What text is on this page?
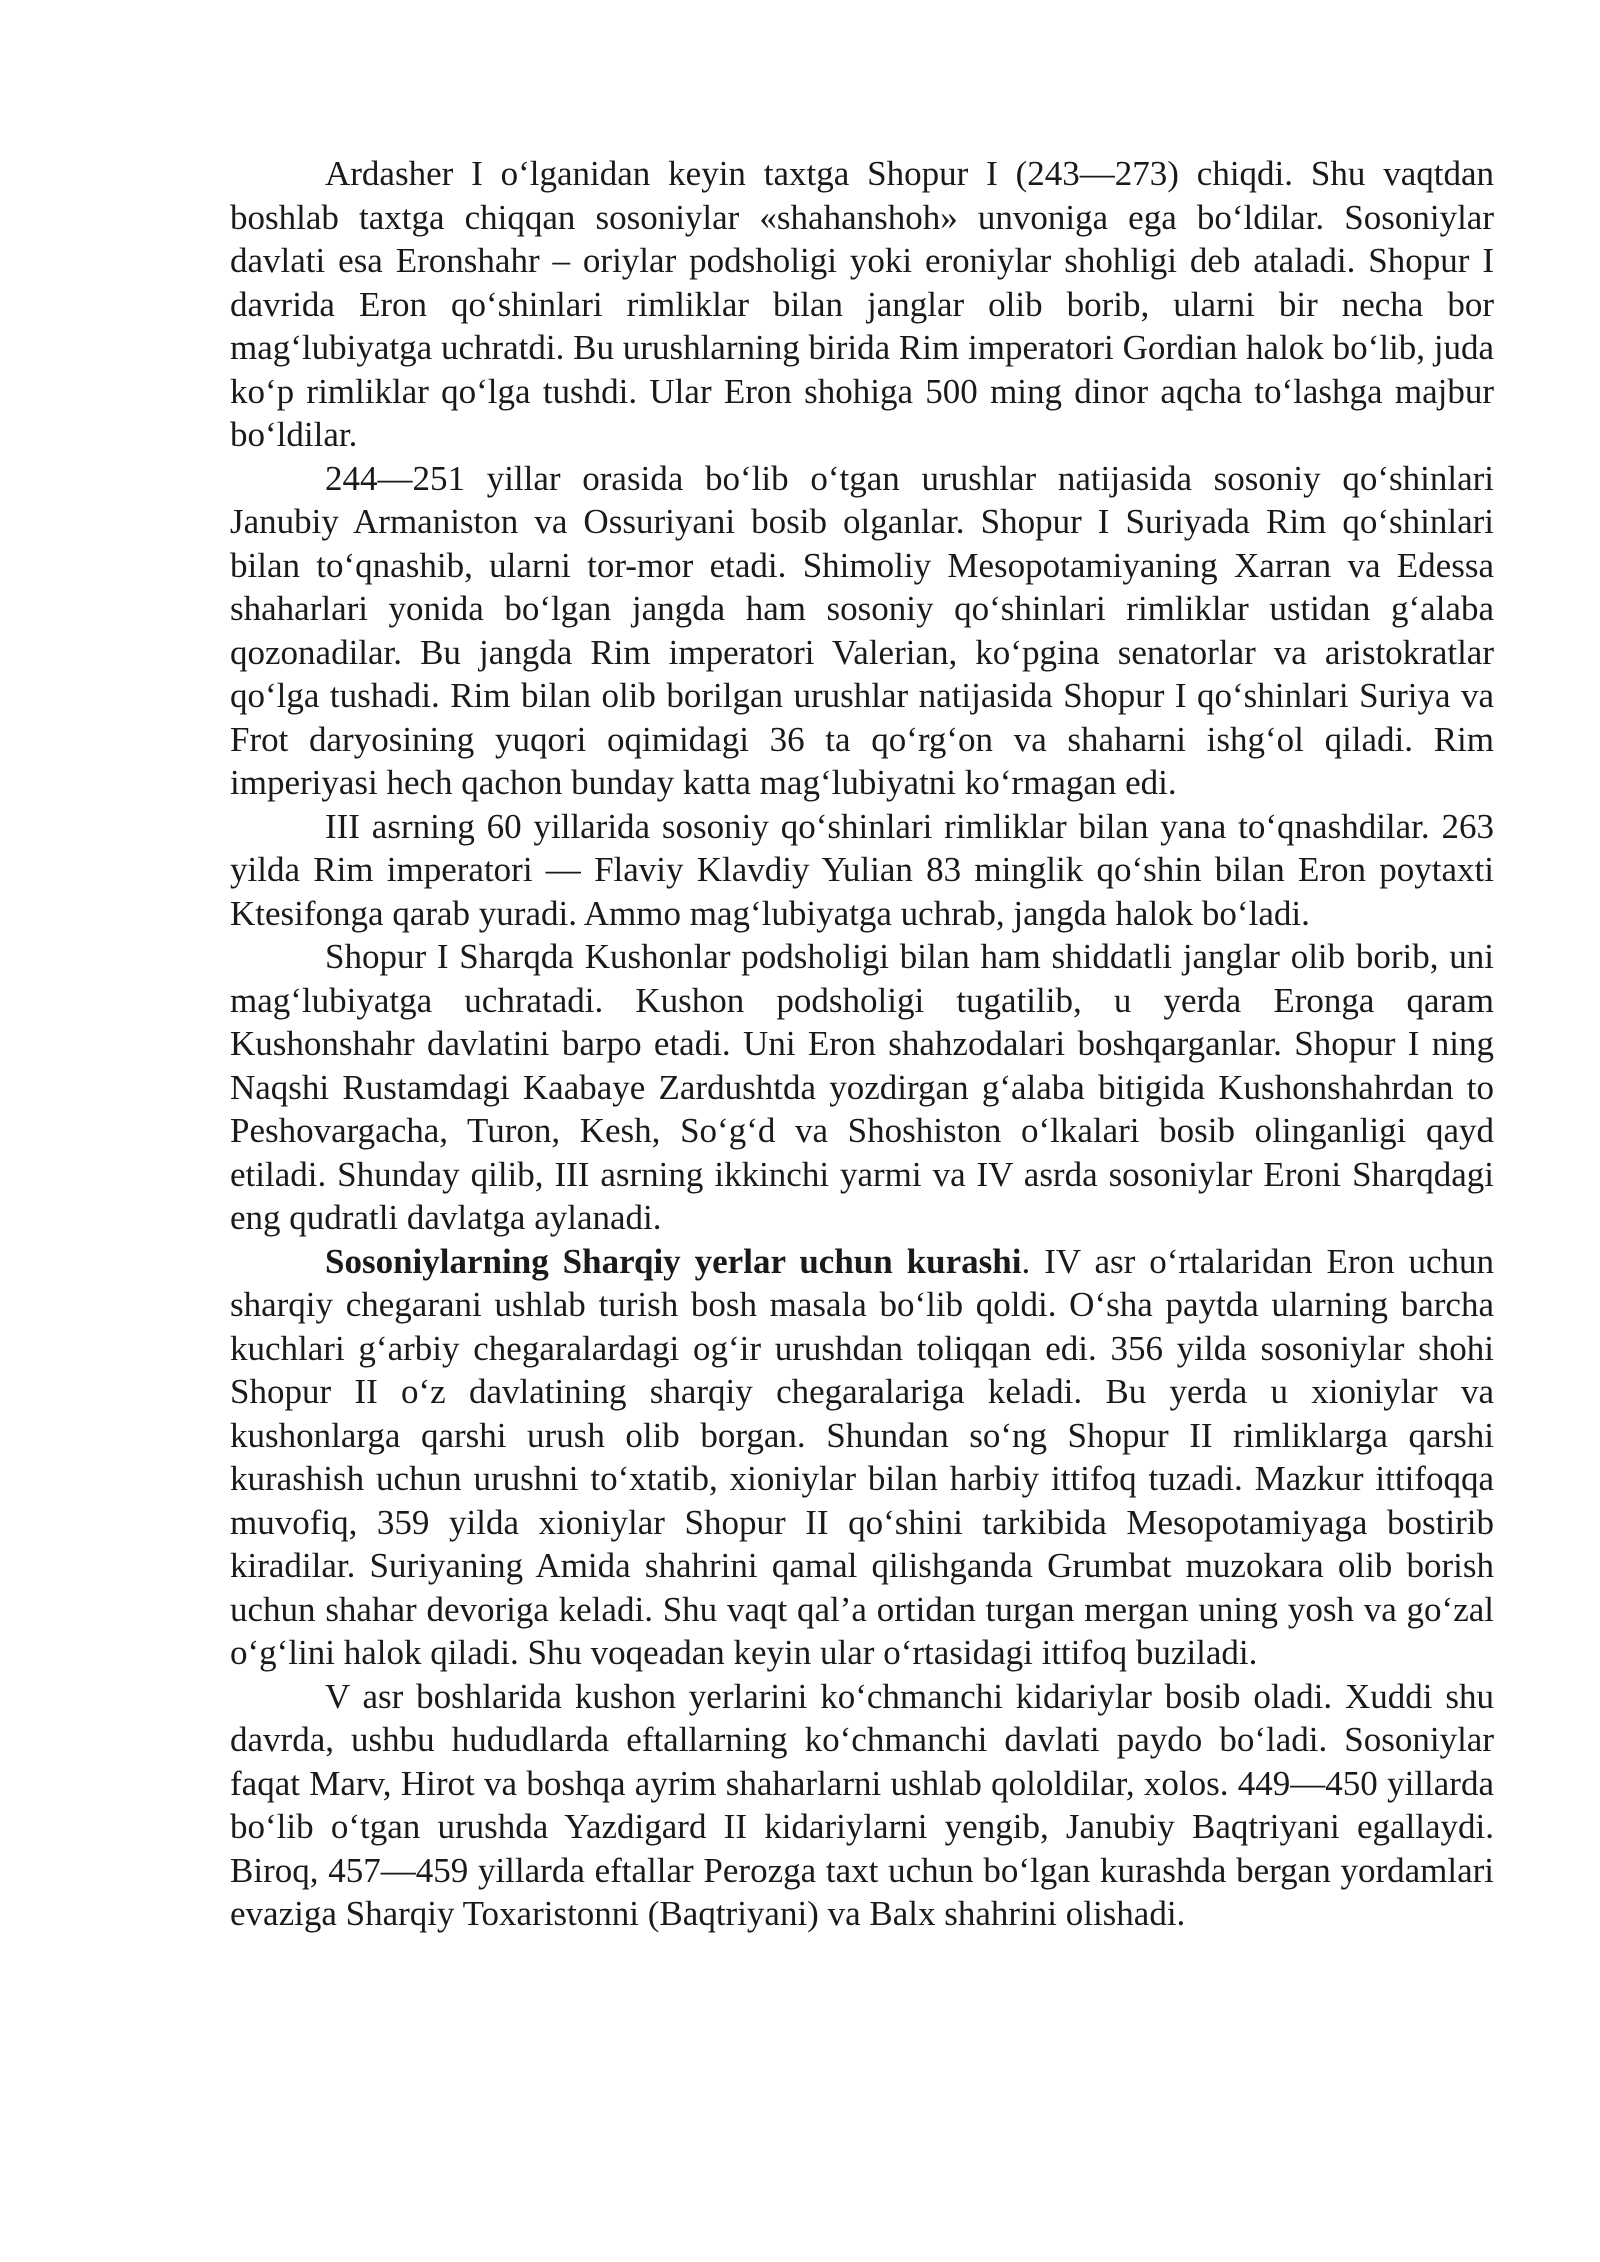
Ardasher I o‘lganidan keyin taxtga Shopur I (243—273) chiqdi. Shu vaqtdan boshlab taxtga chiqqan sosoniylar «shahanshoh» unvoniga ega bo‘ldilar. Sosoniylar davlati esa Eronshahr – oriylar podsholigi yoki eroniylar shohligi deb ataladi. Shopur I davrida Eron qo‘shinlari rimliklar bilan janglar olib borib, ularni bir necha bor mag‘lubiyatga uchratdi. Bu urushlarning birida Rim imperatori Gordian halok bo‘lib, juda ko‘p rimliklar qo‘lga tushdi. Ular Eron shohiga 500 ming dinor aqcha to‘lashga majbur bo‘ldilar.

244—251 yillar orasida bo‘lib o‘tgan urushlar natijasida sosoniy qo‘shinlari Janubiy Armaniston va Ossuriyani bosib olganlar. Shopur I Suriyada Rim qo‘shinlari bilan to‘qnashib, ularni tor-mor etadi. Shimoliy Mesopotamiyaning Xarran va Edessa shaharlari yonida bo‘lgan jangda ham sosoniy qo‘shinlari rimliklar ustidan g‘alaba qozonadilar. Bu jangda Rim imperatori Valerian, ko‘pgina senatorlar va aristokratlar qo‘lga tushadi. Rim bilan olib borilgan urushlar natijasida Shopur I qo‘shinlari Suriya va Frot daryosining yuqori oqimidagi 36 ta qo‘rg‘on va shaharni ishg‘ol qiladi. Rim imperiyasi hech qachon bunday katta mag‘lubiyatni ko‘rmagan edi.

III asrning 60 yillarida sosoniy qo‘shinlari rimliklar bilan yana to‘qnashdilar. 263 yilda Rim imperatori — Flaviy Klavdiy Yulian 83 minglik qo‘shin bilan Eron poytaxti Ktesifonga qarab yuradi. Ammo mag‘lubiyatga uchrab, jangda halok bo‘ladi.

Shopur I Sharqda Kushonlar podsholigi bilan ham shiddatli janglar olib borib, uni mag‘lubiyatga uchratadi. Kushon podsholigi tugatilib, u yerda Eronga qaram Kushonshahr davlatini barpo etadi. Uni Eron shahzodalari boshqarganlar. Shopur I ning Naqshi Rustamdagi Kaabaye Zardushtda yozdirgan g‘alaba bitigida Kushonshahrdan to Peshovargacha, Turon, Kesh, So‘g‘d va Shoshiston o‘lkalari bosib olinganligi qayd etiladi. Shunday qilib, III asrning ikkinchi yarmi va IV asrda sosoniylar Eroni Sharqdagi eng qudratli davlatga aylanadi.

Sosoniylarning Sharqiy yerlar uchun kurashi. IV asr o‘rtalaridan Eron uchun sharqiy chegarani ushlab turish bosh masala bo‘lib qoldi. O‘sha paytda ularning barcha kuchlari g‘arbiy chegaralardagi og‘ir urushdan toliqqan edi. 356 yilda sosoniylar shohi Shopur II o‘z davlatining sharqiy chegaralariga keladi. Bu yerda u xioniylar va kushonlarga qarshi urush olib borgan. Shundan so‘ng Shopur II rimliklarga qarshi kurashish uchun urushni to‘xtatib, xioniylar bilan harbiy ittifoq tuzadi. Mazkur ittifoqqa muvofiq, 359 yilda xioniylar Shopur II qo‘shini tarkibida Mesopotamiyaga bostirib kiradilar. Suriyaning Amida shahrini qamal qilishganda Grumbat muzokara olib borish uchun shahar devoriga keladi. Shu vaqt qal’a ortidan turgan mergan uning yosh va go‘zal o‘g‘lini halok qiladi. Shu voqeadan keyin ular o‘rtasidagi ittifoq buziladi.

V asr boshlarida kushon yerlarini ko‘chmanchi kidariylar bosib oladi. Xuddi shu davrda, ushbu hududlarda eftallarning ko‘chmanchi davlati paydo bo‘ladi. Sosoniylar faqat Marv, Hirot va boshqa ayrim shaharlarni ushlab qololdilar, xolos. 449—450 yillarda bo‘lib o‘tgan urushda Yazdigard II kidariylarni yengib, Janubiy Baqtriyani egallaydi. Biroq, 457—459 yillarda eftallar Perozga taxt uchun bo‘lgan kurashda bergan yordamlari evaziga Sharqiy Toxaristonni (Baqtriyani) va Balx shahrini olishadi.
